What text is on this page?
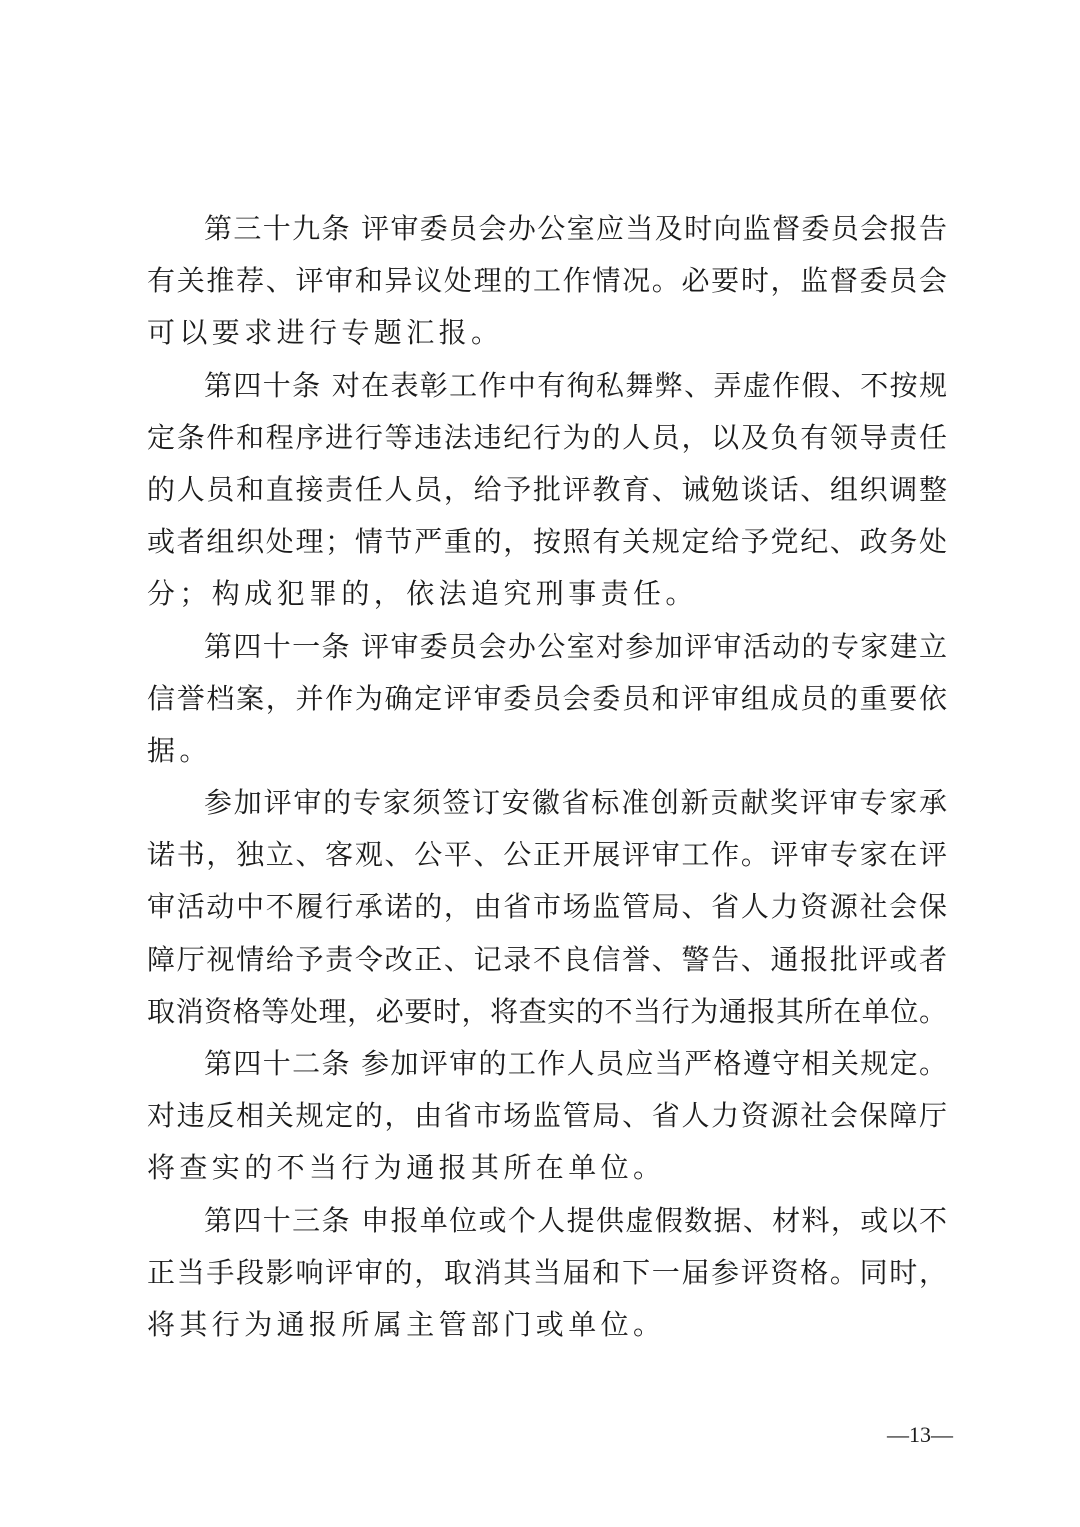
第三十九条 评审委员会办公室应当及时向监督委员会报告
有关推荐、评审和异议处理的工作情况。必要时，监督委员会
可以要求进行专题汇报。
第四十条 对在表彰工作中有徇私舞弊、弄虚作假、不按规
定条件和程序进行等违法违纪行为的人员，以及负有领导责任
的人员和直接责任人员，给予批评教育、诫勉谈话、组织调整
或者组织处理；情节严重的，按照有关规定给予党纪、政务处
分；构成犯罪的，依法追究刑事责任。
第四十一条 评审委员会办公室对参加评审活动的专家建立
信誉档案，并作为确定评审委员会委员和评审组成员的重要依
据。
参加评审的专家须签订安徽省标准创新贡献奖评审专家承
诺书，独立、客观、公平、公正开展评审工作。评审专家在评
审活动中不履行承诺的，由省市场监管局、省人力资源社会保
障厅视情给予责令改正、记录不良信誉、警告、通报批评或者
取消资格等处理，必要时，将查实的不当行为通报其所在单位。
第四十二条 参加评审的工作人员应当严格遵守相关规定。
对违反相关规定的，由省市场监管局、省人力资源社会保障厅
将查实的不当行为通报其所在单位。
第四十三条 申报单位或个人提供虚假数据、材料，或以不
正当手段影响评审的，取消其当届和下一届参评资格。同时，
将其行为通报所属主管部门或单位。
—13—
